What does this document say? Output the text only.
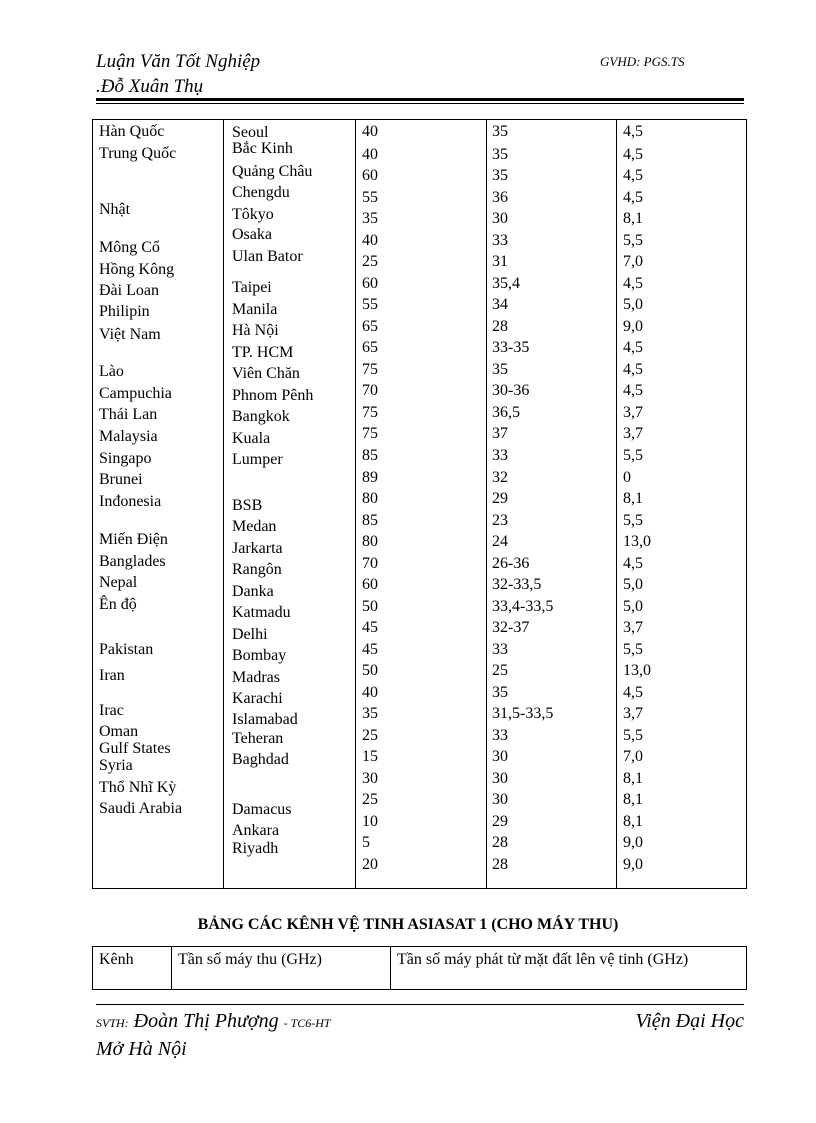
Luận Văn Tốt Nghiệp
.Đỗ Xuân Thụ
GVHD: PGS.TS
Hàn Quốc
Trung Quốc
Nhật
Mông Cổ
Hồng Kông
Đài Loan
Philipin
Việt Nam
Lào
Campuchia
Thái Lan
Malaysia
Singapo
Brunei
Inđonesia
Miến Điện
Banglades
Nepal
Ên độ
Pakistan
Iran
Irac
Oman
Gulf States
Syria
Thổ Nhĩ Kỳ
Saudi Arabia
Seoul
Bắc Kinh
Quảng Châu
Chengdu
Tôkyo
Osaka
Ulan Bator
Taipei
Manila
Hà Nội
TP. HCM
Viên Chăn
Phnom Pênh
Bangkok
Kuala
Lumper
BSB
Medan
Jarkarta
Rangôn
Danka
Katmadu
Delhi
Bombay
Madras
Karachi
Islamabad
Teheran
Baghdad
Damacus
Ankara
Riyadh
40
40
60
55
35
40
25
60
55
65
65
75
70
75
75
85
89
80
85
80
70
60
50
45
45
50
40
35
25
15
30
25
10
5
20
35
35
35
36
30
33
31
35,4
34
28
33-35
35
30-36
36,5
37
33
32
29
23
24
26-36
32-33,5
33,4-33,5
32-37
33
25
35
31,5-33,5
33
30
30
30
29
28
28
4,5
4,5
4,5
4,5
8,1
5,5
7,0
4,5
5,0
9,0
4,5
4,5
4,5
3,7
3,7
5,5
0
8,1
5,5
13,0
4,5
5,0
5,0
3,7
5,5
13,0
4,5
3,7
5,5
7,0
8,1
8,1
8,1
9,0
9,0
BẢNG CÁC KÊNH VỆ TINH ASIASAT 1 (CHO MÁY THU)
Kênh	Tần số máy thu (GHz)	Tần số máy phát từ mặt đất lên vệ tinh (GHz)
SVTH: Đoàn Thị Phượng - TC6-HT
Mở Hà Nội
Viện Đại Học
